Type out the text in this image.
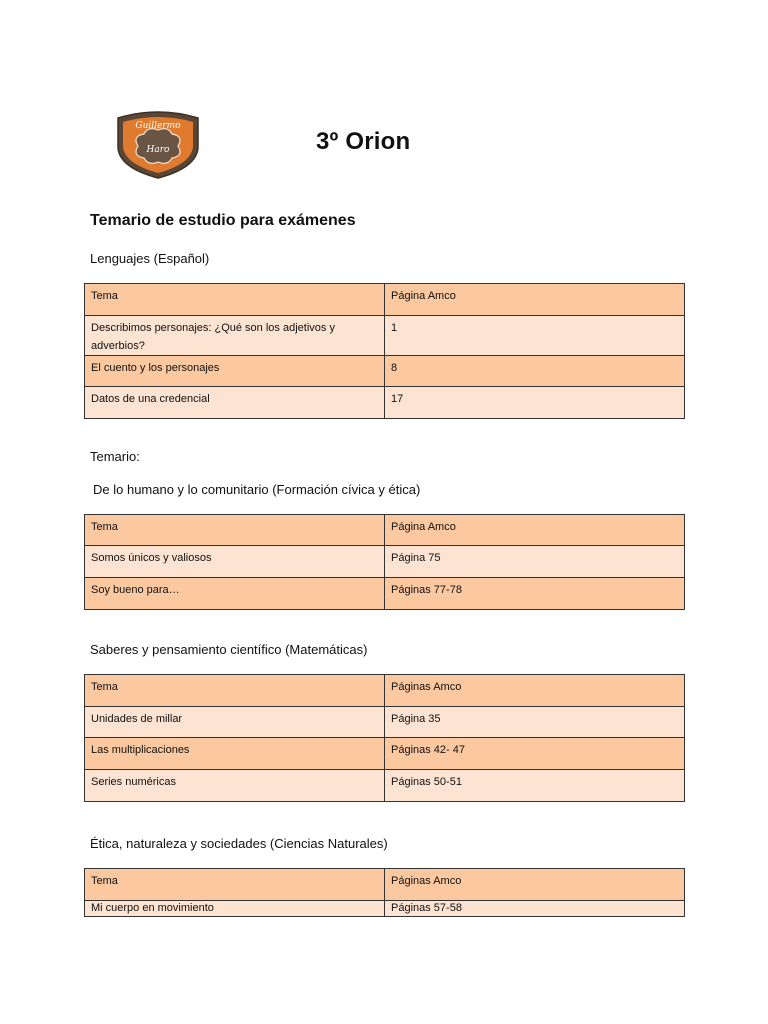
Guillermo
Haro	3º Orion
Temario de estudio para exámenes
Lenguajes (Español)
Tema	Página Amco
Describimos personajes: ¿Qué son los adjetivos y adverbios?	1
El cuento y los personajes	8
Datos de una credencial	17
Temario:
De lo humano y lo comunitario (Formación cívica y ética)
Tema	Página Amco
Somos únicos y valiosos	Página 75
Soy bueno para…	Páginas 77-78
Saberes y pensamiento científico (Matemáticas)
Tema	Páginas Amco
Unidades de millar	Página 35
Las multiplicaciones	Páginas 42- 47
Series numéricas	Páginas 50-51
Ética, naturaleza y sociedades (Ciencias Naturales)
Tema	Páginas Amco
Mi cuerpo en movimiento	Páginas 57-58
